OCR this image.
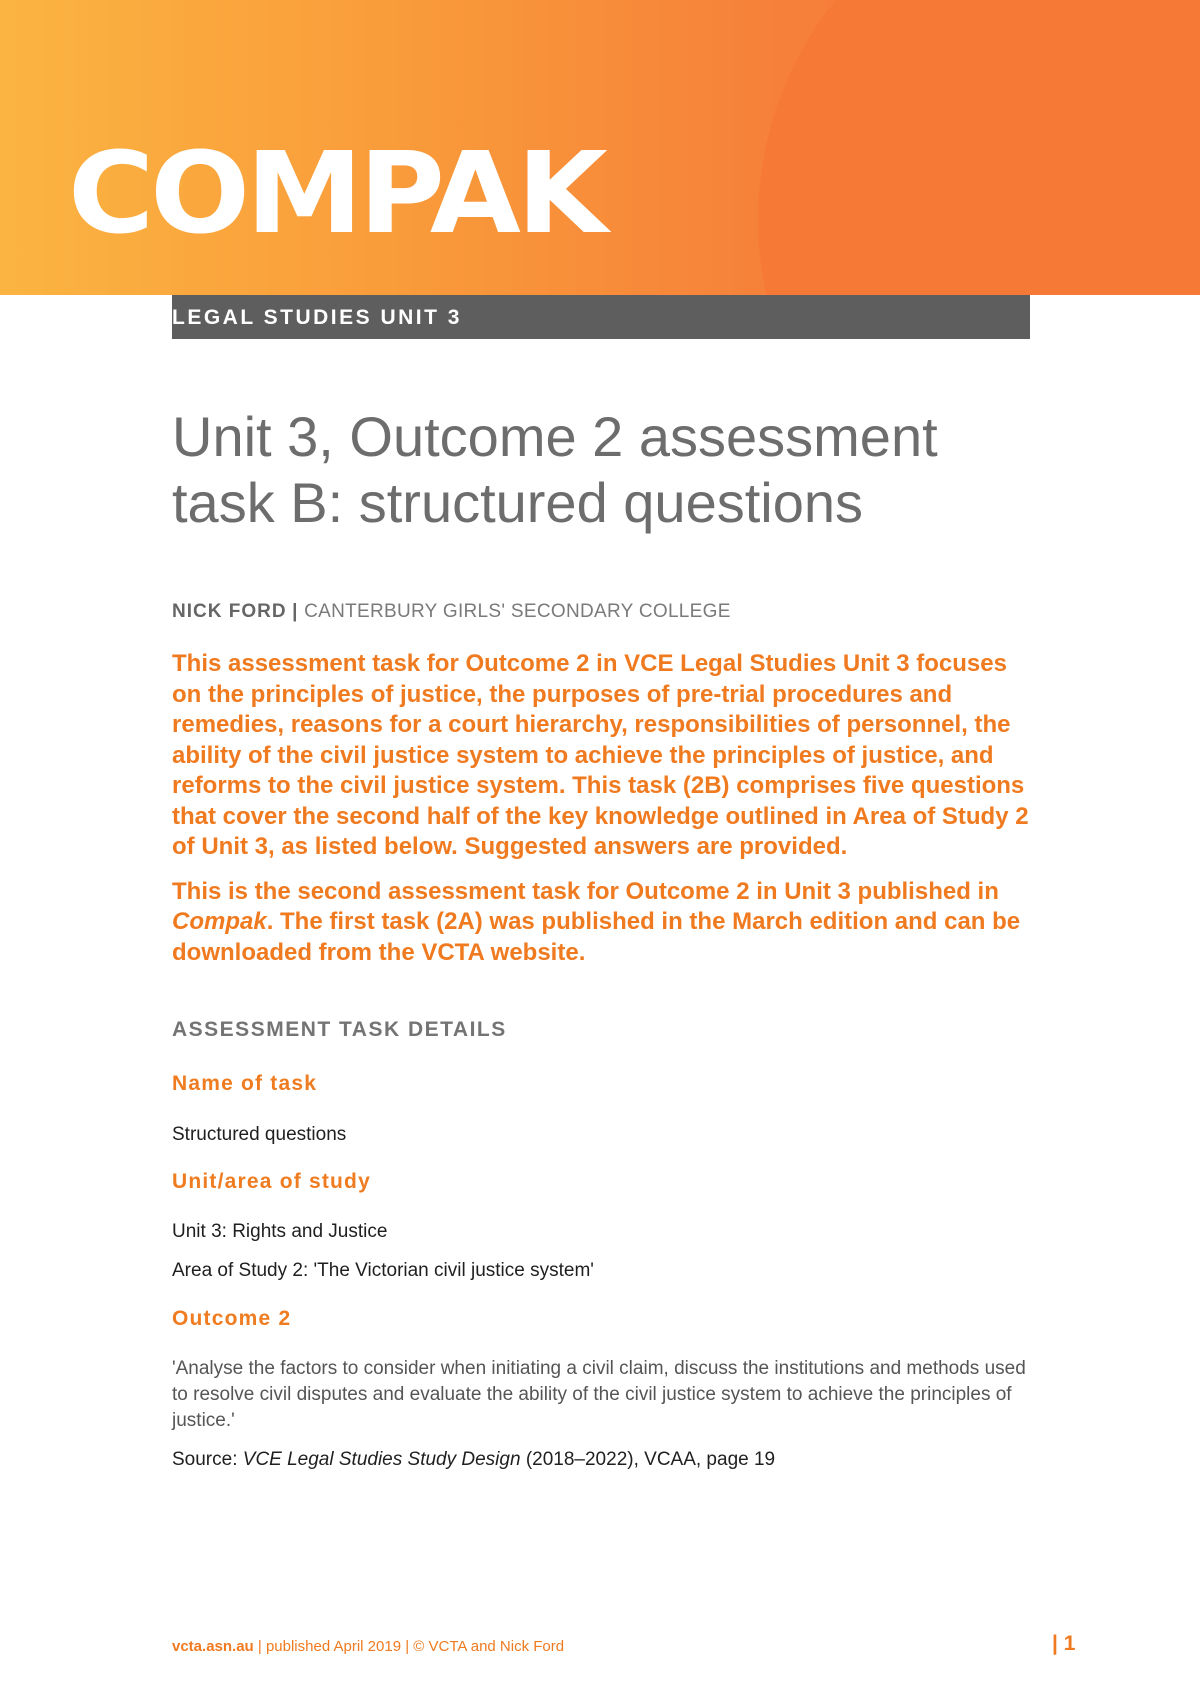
COMPAK
LEGAL STUDIES UNIT 3
Unit 3, Outcome 2 assessment
task B: structured questions
NICK FORD | CANTERBURY GIRLS' SECONDARY COLLEGE

This assessment task for Outcome 2 in VCE Legal Studies Unit 3 focuses on the principles of justice, the purposes of pre-trial procedures and remedies, reasons for a court hierarchy, responsibilities of personnel, the ability of the civil justice system to achieve the principles of justice, and reforms to the civil justice system. This task (2B) comprises five questions that cover the second half of the key knowledge outlined in Area of Study 2 of Unit 3, as listed below. Suggested answers are provided.

This is the second assessment task for Outcome 2 in Unit 3 published in Compak. The first task (2A) was published in the March edition and can be downloaded from the VCTA website.

ASSESSMENT TASK DETAILS
Name of task
Structured questions
Unit/area of study
Unit 3: Rights and Justice
Area of Study 2: 'The Victorian civil justice system'
Outcome 2
'Analyse the factors to consider when initiating a civil claim, discuss the institutions and methods used to resolve civil disputes and evaluate the ability of the civil justice system to achieve the principles of justice.'
Source: VCE Legal Studies Study Design (2018–2022), VCAA, page 19
vcta.asn.au | published April 2019 | © VCTA and Nick Ford	| 1
